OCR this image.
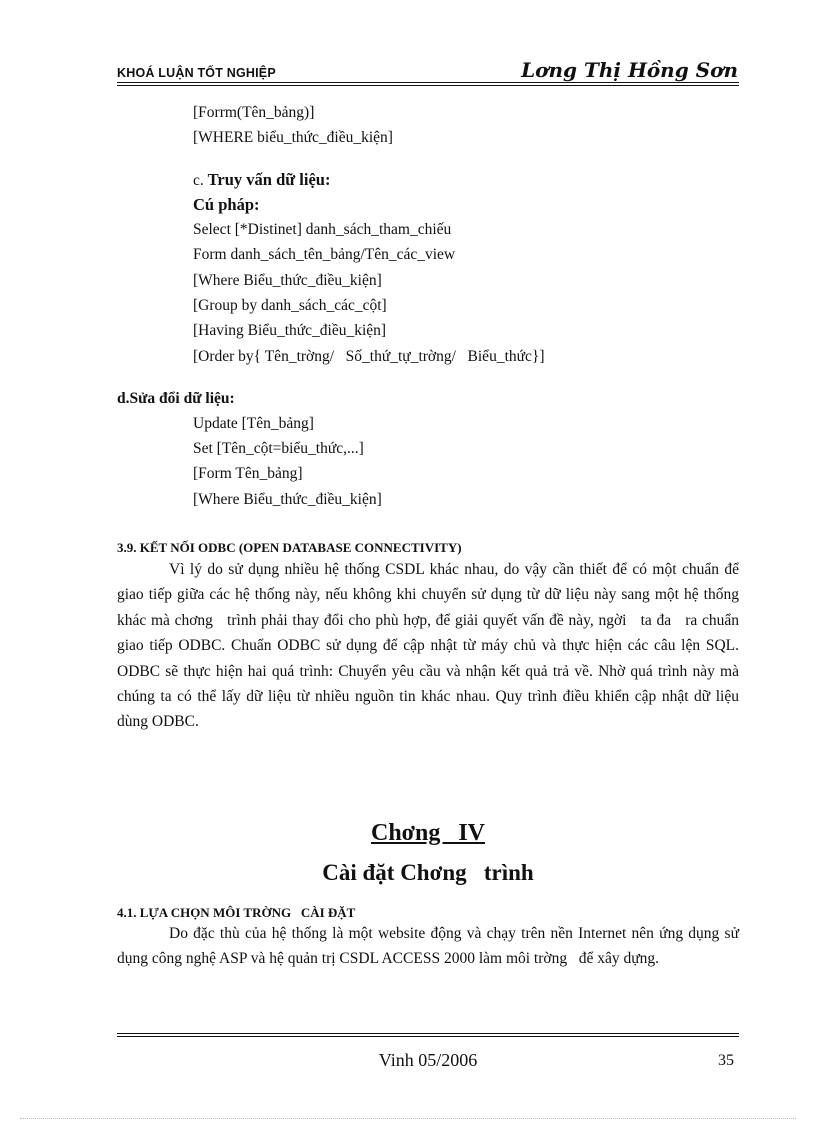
KHOÁ LUẬN TỐT NGHIỆP	Lơng Thị Hồng Sơn
[Forrm(Tên_bảng)]
[WHERE biểu_thức_điều_kiện]
c. Truy vấn dữ liệu:
Cú pháp:
Select [*Distinet] danh_sách_tham_chiếu
Form danh_sách_tên_bảng/Tên_các_view
[Where Biểu_thức_điều_kiện]
[Group by danh_sách_các_cột]
[Having Biểu_thức_điều_kiện]
[Order by{ Tên_trờng/   Số_thứ_tự_trờng/   Biểu_thức}]
d.Sửa đổi dữ liệu:
Update [Tên_bảng]
Set [Tên_cột=biểu_thức,...]
[Form Tên_bảng]
[Where Biểu_thức_điều_kiện]
3.9. KẾT NỐI ODBC (OPEN DATABASE CONNECTIVITY)

Vì lý do sử dụng nhiều hệ thống CSDL khác nhau, do vậy cần thiết để có một chuẩn để giao tiếp giữa các hệ thống này, nếu không khi chuyển sử dụng từ dữ liệu này sang một hệ thống khác mà chơng   trình phải thay đổi cho phù hợp, để giải quyết vấn đề này, ngời   ta đa   ra chuẩn giao tiếp ODBC. Chuẩn ODBC sử dụng để cập nhật từ máy chủ và thực hiện các câu lện SQL. ODBC sẽ thực hiện hai quá trình: Chuyển yêu cầu và nhận kết quả trả về. Nhờ quá trình này mà chúng ta có thể lấy dữ liệu từ nhiều nguồn tin khác nhau. Quy trình điều khiển cập nhật dữ liệu dùng ODBC.

Chơng   IV
Cài đặt Chơng   trình
4.1. LỰA CHỌN MÔI TRỜNG   CÀI ĐẶT

Do đặc thù của hệ thống là một website động và chạy trên nền Internet nên ứng dụng sử dụng công nghệ ASP và hệ quản trị CSDL ACCESS 2000 làm môi trờng   để xây dựng.

Vinh 05/2006	35
